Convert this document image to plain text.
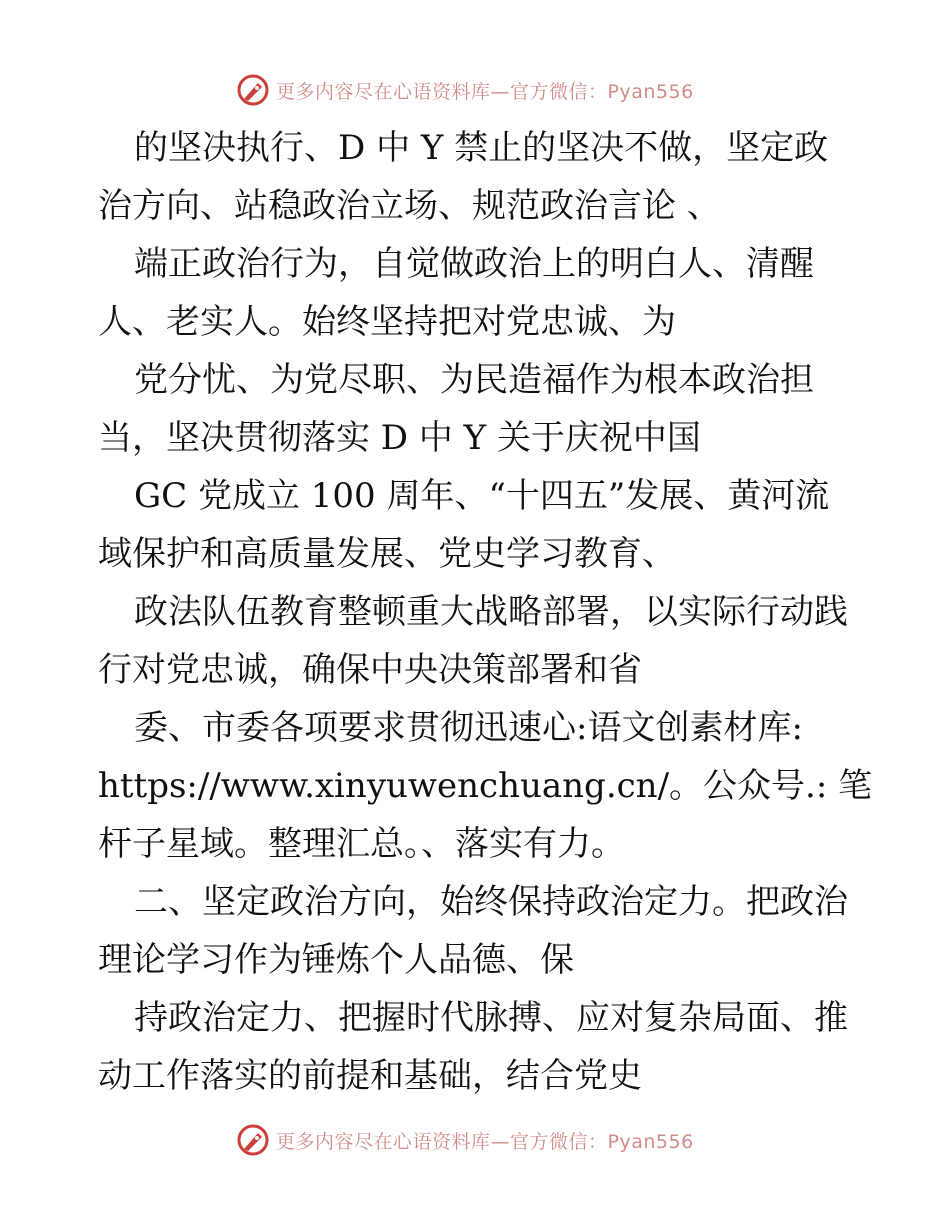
更多内容尽在心语资料库—官方微信：Pyan556
的坚决执行、D 中 Y 禁止的坚决不做，坚定政
治方向、站稳政治立场、规范政治言论 、
端正政治行为，自觉做政治上的明白人、清醒
人、老实人。始终坚持把对党忠诚、为
党分忧、为党尽职、为民造福作为根本政治担
当，坚决贯彻落实 D 中 Y 关于庆祝中国
GC 党成立 100 周年、“十四五”发展、黄河流
域保护和高质量发展、党史学习教育、
政法队伍教育整顿重大战略部署，以实际行动践
行对党忠诚，确保中央决策部署和省
委、市委各项要求贯彻迅速心:语文创素材库:
https://www.xinyuwenchuang.cn/。公众号.: 笔
杆子星域。整理汇总。、落实有力。
二、坚定政治方向，始终保持政治定力。把政治
理论学习作为锤炼个人品德、保
持政治定力、把握时代脉搏、应对复杂局面、推
动工作落实的前提和基础，结合党史
更多内容尽在心语资料库—官方微信：Pyan556
